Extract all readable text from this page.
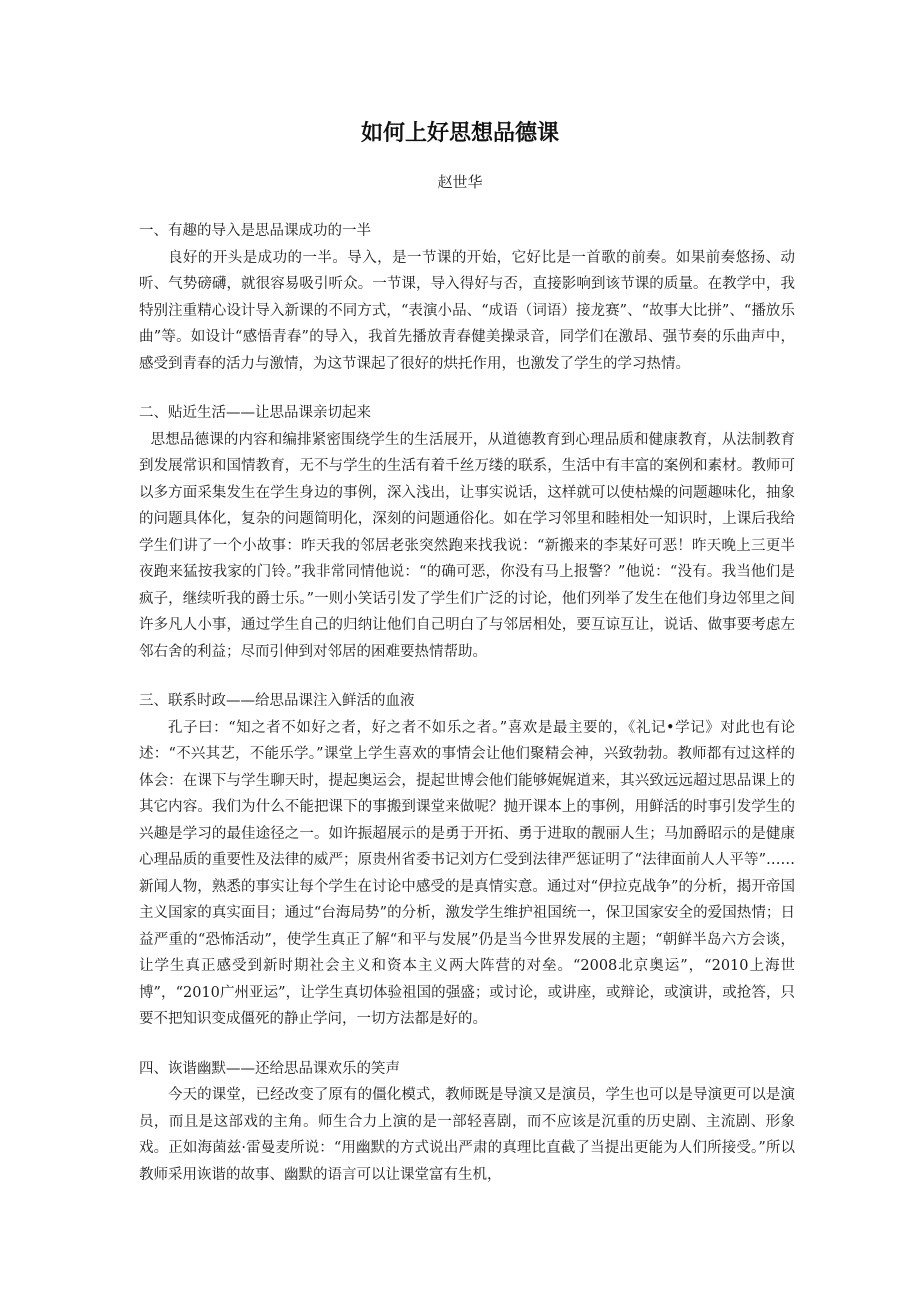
如何上好思想品德课
赵世华

一、有趣的导入是思品课成功的一半

良好的开头是成功的一半。导入，是一节课的开始，它好比是一首歌的前奏。如果前奏悠扬、动听、气势磅礴，就很容易吸引听众。一节课，导入得好与否，直接影响到该节课的质量。在教学中，我特别注重精心设计导入新课的不同方式，“表演小品、“成语（词语）接龙赛”、“故事大比拼”、“播放乐曲”等。如设计“感悟青春”的导入，我首先播放青春健美操录音，同学们在激昂、强节奏的乐曲声中，感受到青春的活力与激情，为这节课起了很好的烘托作用，也激发了学生的学习热情。

二、贴近生活——让思品课亲切起来

思想品德课的内容和编排紧密围绕学生的生活展开，从道德教育到心理品质和健康教育，从法制教育到发展常识和国情教育，无不与学生的生活有着千丝万缕的联系，生活中有丰富的案例和素材。教师可以多方面采集发生在学生身边的事例，深入浅出，让事实说话，这样就可以使枯燥的问题趣味化，抽象的问题具体化，复杂的问题简明化，深刻的问题通俗化。如在学习邻里和睦相处一知识时，上课后我给学生们讲了一个小故事：昨天我的邻居老张突然跑来找我说：“新搬来的李某好可恶！昨天晚上三更半夜跑来猛按我家的门铃。”我非常同情他说：“的确可恶，你没有马上报警？”他说：“没有。我当他们是疯子，继续听我的爵士乐。”一则小笑话引发了学生们广泛的讨论，他们列举了发生在他们身边邻里之间许多凡人小事，通过学生自己的归纳让他们自己明白了与邻居相处，要互谅互让，说话、做事要考虑左邻右舍的利益；尽而引伸到对邻居的困难要热情帮助。

三、联系时政——给思品课注入鲜活的血液

孔子曰：“知之者不如好之者，好之者不如乐之者。”喜欢是最主要的，《礼记•学记》对此也有论述：“不兴其艺，不能乐学。”课堂上学生喜欢的事情会让他们聚精会神，兴致勃勃。教师都有过这样的体会：在课下与学生聊天时，提起奥运会，提起世博会他们能够娓娓道来，其兴致远远超过思品课上的其它内容。我们为什么不能把课下的事搬到课堂来做呢？抛开课本上的事例，用鲜活的时事引发学生的兴趣是学习的最佳途径之一。如许振超展示的是勇于开拓、勇于进取的靓丽人生；马加爵昭示的是健康心理品质的重要性及法律的威严；原贵州省委书记刘方仁受到法律严惩证明了“法律面前人人平等”……新闻人物，熟悉的事实让每个学生在讨论中感受的是真情实意。通过对“伊拉克战争”的分析，揭开帝国主义国家的真实面目；通过“台海局势”的分析，激发学生维护祖国统一，保卫国家安全的爱国热情；日益严重的“恐怖活动”，使学生真正了解“和平与发展”仍是当今世界发展的主题；“朝鲜半岛六方会谈，让学生真正感受到新时期社会主义和资本主义两大阵营的对垒。“2008北京奥运”，“2010上海世博”，“2010广州亚运”，让学生真切体验祖国的强盛；或讨论，或讲座，或辩论，或演讲，或抢答，只要不把知识变成僵死的静止学问，一切方法都是好的。

四、诙谐幽默——还给思品课欢乐的笑声

今天的课堂，已经改变了原有的僵化模式，教师既是导演又是演员，学生也可以是导演更可以是演员，而且是这部戏的主角。师生合力上演的是一部轻喜剧，而不应该是沉重的历史剧、主流剧、形象戏。正如海菌兹·雷曼麦所说：“用幽默的方式说出严肃的真理比直截了当提出更能为人们所接受。”所以教师采用诙谐的故事、幽默的语言可以让课堂富有生机，
